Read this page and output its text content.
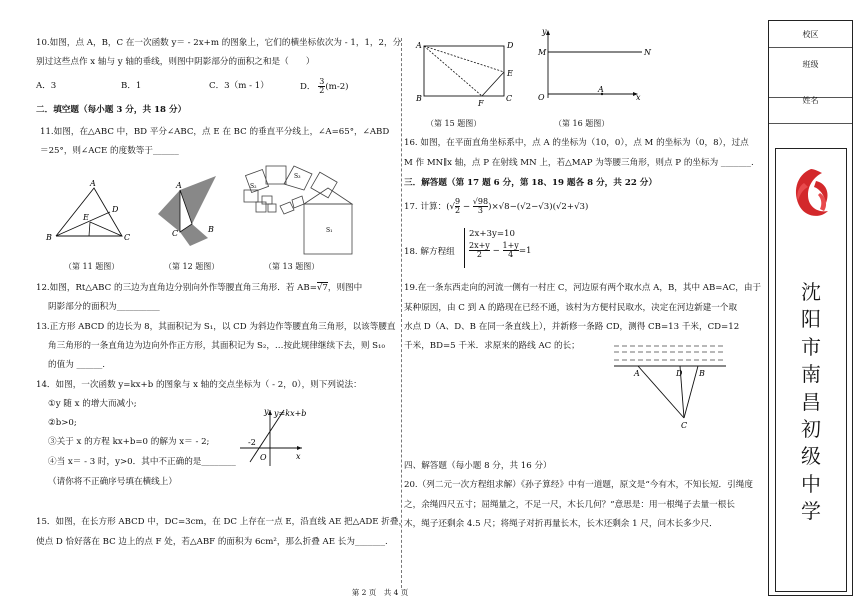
10.如图，点 A，B，C 在一次函数 y＝ - 2x+m 的图象上，它们的横坐标依次为 - 1，1，2，分
别过这些点作 x 轴与 y 轴的垂线，则图中阴影部分的面积之和是（　　）
A．3	B．1	C．3（m - 1）	D． $\frac{3}{2} (m-2)$
二．填空题（每小题 3 分，共 18 分）
11.如图，在△ABC 中，BD 平分∠ABC，点 E 在 BC 的垂直平分线上，∠A=65°，∠ABD
＝25°，则∠ACE 的度数等于______
A
B	C
D
E
（第 11 题图）
A
B
C
（第 12 题图）
S₂
S₃
S₁
（第 13 题图）
12.如图，Rt△ABC 的三边为直角边分别向外作等腰直角三角形．若 AB=√7，则图中
阴影部分的面积为__________
13.正方形 ABCD 的边长为 8，其面积记为 S₁，以 CD 为斜边作等腰直角三角形，以该等腰直
角三角形的一条直角边为边向外作正方形，其面积记为 S₂，…按此规律继续下去，则 S₁₀
的值为 ______.
14．如图，一次函数 y=kx+b 的图象与 x 轴的交点坐标为（ - 2，0），则下列说法：
①y 随 x 的增大而减小;
②b>0;
③关于 x 的方程 kx+b=0 的解为 x＝ - 2;
④当 x＝ - 3 时，y>0．其中不正确的是________
（请你将不正确序号填在横线上）
y=kx+b
y
x
O
-2
15．如图，在长方形 ABCD 中，DC=3cm，在 DC 上存在一点 E，沿直线 AE 把△ADE 折叠，
使点 D 恰好落在 BC 边上的点 F 处，若△ABF 的面积为 6cm²，那么折叠 AE 长为_______.
A
B	C
D
E
F
（第 15 题图）
y
M	N
O
A
x
（第 16 题图）
16. 如图，在平面直角坐标系中，点 A 的坐标为（10，0），点 M 的坐标为（0，8），过点
M 作 MN∥x 轴，点 P 在射线 MN 上，若△MAP 为等腰三角形，则点 P 的坐标为 _______.
三．解答题（第 17 题 6 分，第 18、19 题各 8 分，共 22 分）
17. 计算：(√ $\frac{9}{2} - \frac{√98}{3} )\times√8-(√2-√3)(√2+√3)$
18. 解方程组
2x+3y=10
$\frac{2x+y}{2} - \frac{1+y}{4} =1$
19.在一条东西走向的河流一侧有一村庄 C，河边原有两个取水点 A，B，其中 AB=AC，由于
某种原因，由 C 到 A 的路现在已经不通，该村为方便村民取水，决定在河边新建一个取
水点 D（A、D、B 在同一条直线上），并新修一条路 CD，测得 CB=13 千米，CD=12
千米，BD=5 千米．求原来的路线 AC 的长；
A	D B
C
四、解答题（每小题 8 分，共 16 分）
20.（列二元一次方程组求解）《孙子算经》中有一道题，原文是“今有木，不知长短．引绳度
之，余绳四尺五寸；屈绳量之，不足一尺，木长几何？”意思是：用一根绳子去量一根长
木，绳子还剩余 4.5 尺；将绳子对折再量长木，长木还剩余 1 尺，问木长多少尺．
第 2 页　共 4 页
校区
班级
姓名
沈
阳
市
南
昌
初
级
中
学
